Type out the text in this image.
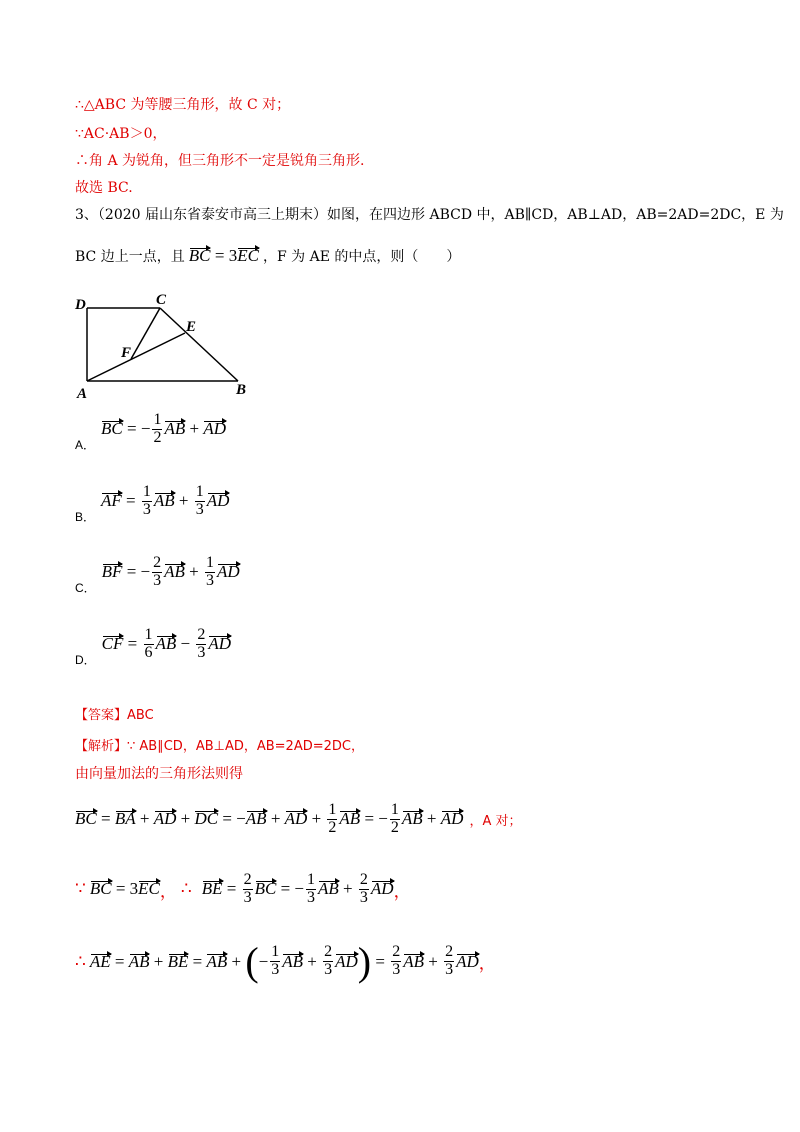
∴△ABC 为等腰三角形，故 C 对；
∵AC·AB＞0，
∴角 A 为锐角，但三角形不一定是锐角三角形.
故选 BC.
3、（2020 届山东省泰安市高三上期末）如图，在四边形 ABCD 中，AB∥CD，AB⊥AD，AB=2AD=2DC，E 为
BC 边上一点，且 BC = 3EC ，F 为 AE 的中点，则（　　）
D	C
E
F
A	B
A．
BC = − $\frac{1}{2}$ AB + AD
B．
AF = $\frac{1}{3}$ AB + $\frac{1}{3}$ AD
C．
BF = − $\frac{2}{3}$ AB + $\frac{1}{3}$ AD
D．
CF = $\frac{1}{6}$ AB − $\frac{2}{3}$ AD
【答案】ABC
【解析】∵ AB∥CD，AB⊥AD，AB=2AD=2DC，
由向量加法的三角形法则得
BC = BA + AD + DC = − AB + AD + $\frac{1}{2}$ AB = − $\frac{1}{2}$ AB + AD ，A 对；
∵ BC = 3 EC ， ∴ BE = $\frac{2}{3}$ BC = − $\frac{1}{3}$ AB + $\frac{2}{3}$ AD ，
∴ AE = AB + BE = AB + ( − $\frac{1}{3}$ AB + $\frac{2}{3}$ AD ) = $\frac{2}{3}$ AB + $\frac{2}{3}$ AD ，
